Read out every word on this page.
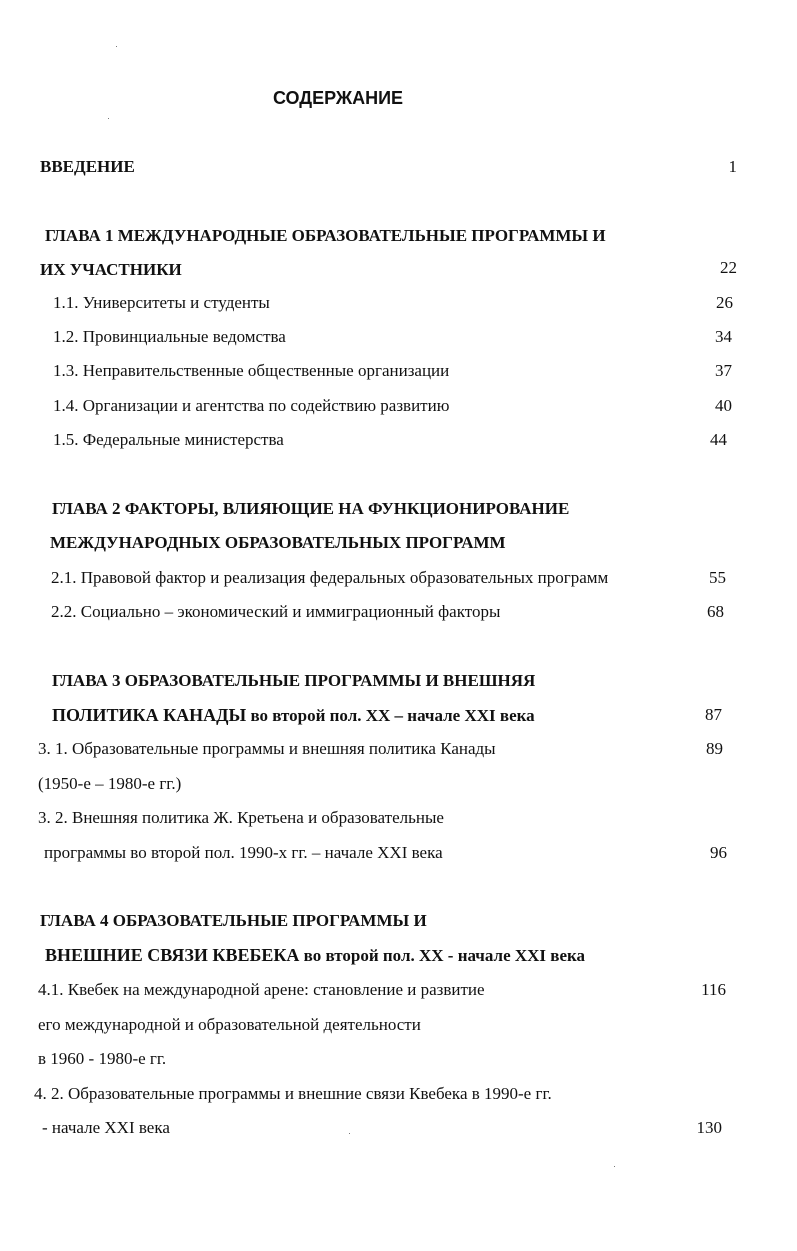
СОДЕРЖАНИЕ
ВВЕДЕНИЕ	1
ГЛАВА 1 МЕЖДУНАРОДНЫЕ ОБРАЗОВАТЕЛЬНЫЕ ПРОГРАММЫ И
ИХ УЧАСТНИКИ	22
1.1. Университеты и студенты	26
1.2. Провинциальные ведомства	34
1.3. Неправительственные общественные организации	37
1.4. Организации и агентства по содействию развитию	40
1.5. Федеральные министерства	44
ГЛАВА 2 ФАКТОРЫ, ВЛИЯЮЩИЕ НА ФУНКЦИОНИРОВАНИЕ
МЕЖДУНАРОДНЫХ ОБРАЗОВАТЕЛЬНЫХ ПРОГРАММ
2.1. Правовой фактор и реализация федеральных образовательных программ	55
2.2. Социально – экономический и иммиграционный факторы	68
ГЛАВА 3 ОБРАЗОВАТЕЛЬНЫЕ ПРОГРАММЫ И ВНЕШНЯЯ
ПОЛИТИКА КАНАДЫ во второй пол. XX – начале XXI века	87
3. 1. Образовательные программы и внешняя политика Канады	89
(1950-е – 1980-е гг.)
3. 2. Внешняя политика Ж. Кретьена и образовательные
программы во второй пол. 1990-х гг. – начале XXI века	96
ГЛАВА 4 ОБРАЗОВАТЕЛЬНЫЕ ПРОГРАММЫ И
ВНЕШНИЕ СВЯЗИ КВЕБЕКА во второй пол. XX - начале XXI века
4.1. Квебек на международной арене: становление и развитие	116
его международной и образовательной деятельности
в 1960 - 1980-е гг.
4. 2. Образовательные программы и внешние связи Квебека в 1990-е гг.
- начале XXI века	130
